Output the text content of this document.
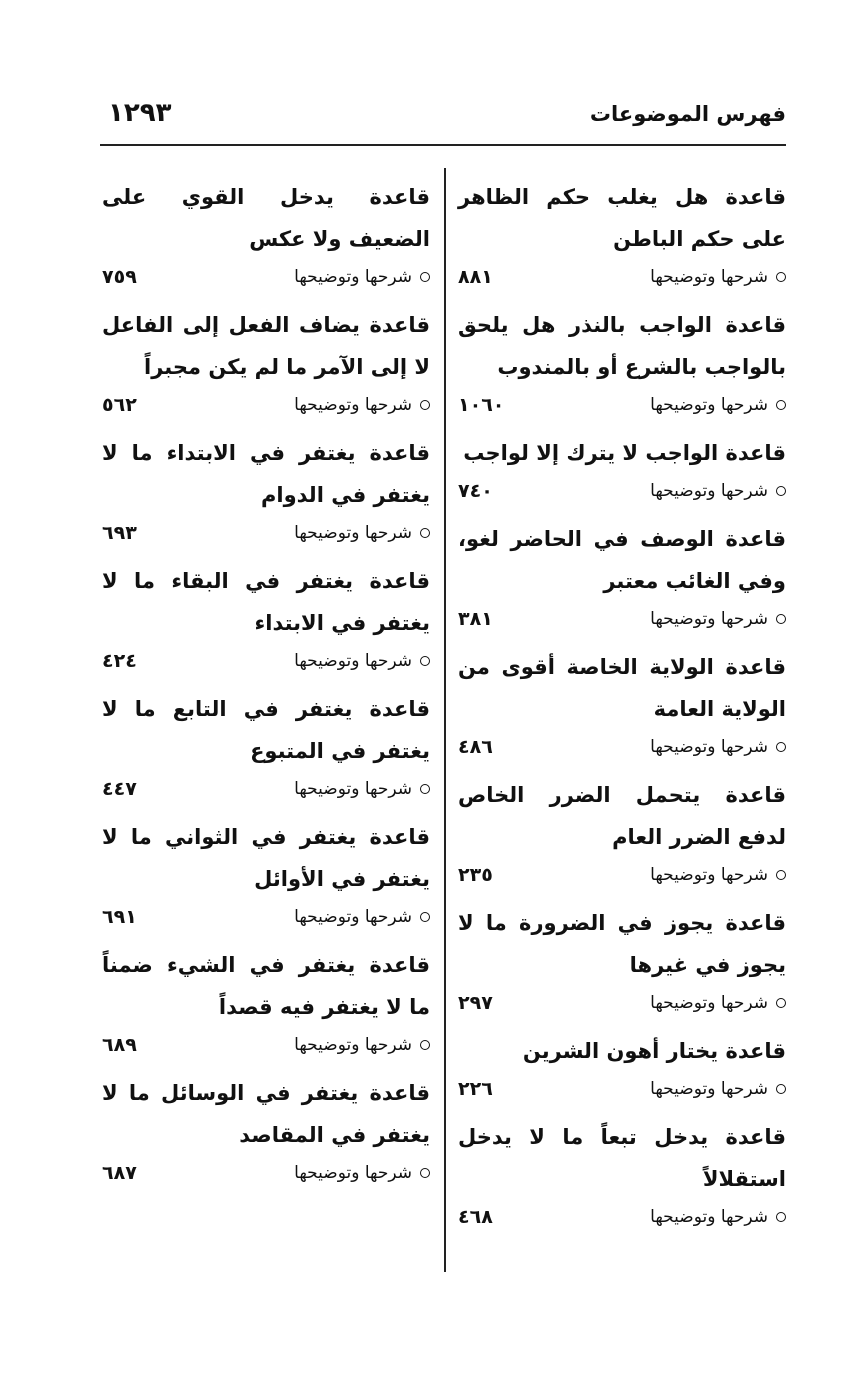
فهرس الموضوعات
١٢٩٣
قاعدة هل يغلب حكم الظاهر على حكم الباطن
شرحها وتوضيحها
٨٨١
قاعدة الواجب بالنذر هل يلحق بالواجب بالشرع أو بالمندوب
شرحها وتوضيحها
١٠٦٠
قاعدة الواجب لا يترك إلا لواجب
شرحها وتوضيحها
٧٤٠
قاعدة الوصف في الحاضر لغو، وفي الغائب معتبر
شرحها وتوضيحها
٣٨١
قاعدة الولاية الخاصة أقوى من الولاية العامة
شرحها وتوضيحها
٤٨٦
قاعدة يتحمل الضرر الخاص لدفع الضرر العام
شرحها وتوضيحها
٢٣٥
قاعدة يجوز في الضرورة ما لا يجوز في غيرها
شرحها وتوضيحها
٢٩٧
قاعدة يختار أهون الشرين
شرحها وتوضيحها
٢٢٦
قاعدة يدخل تبعاً ما لا يدخل استقلالاً
شرحها وتوضيحها
٤٦٨
قاعدة يدخل القوي على الضعيف ولا عكس
شرحها وتوضيحها
٧٥٩
قاعدة يضاف الفعل إلى الفاعل لا إلى الآمر ما لم يكن مجبراً
شرحها وتوضيحها
٥٦٢
قاعدة يغتفر في الابتداء ما لا يغتفر في الدوام
شرحها وتوضيحها
٦٩٣
قاعدة يغتفر في البقاء ما لا يغتفر في الابتداء
شرحها وتوضيحها
٤٢٤
قاعدة يغتفر في التابع ما لا يغتفر في المتبوع
شرحها وتوضيحها
٤٤٧
قاعدة يغتفر في الثواني ما لا يغتفر في الأوائل
شرحها وتوضيحها
٦٩١
قاعدة يغتفر في الشيء ضمناً ما لا يغتفر فيه قصداً
شرحها وتوضيحها
٦٨٩
قاعدة يغتفر في الوسائل ما لا يغتفر في المقاصد
شرحها وتوضيحها
٦٨٧
